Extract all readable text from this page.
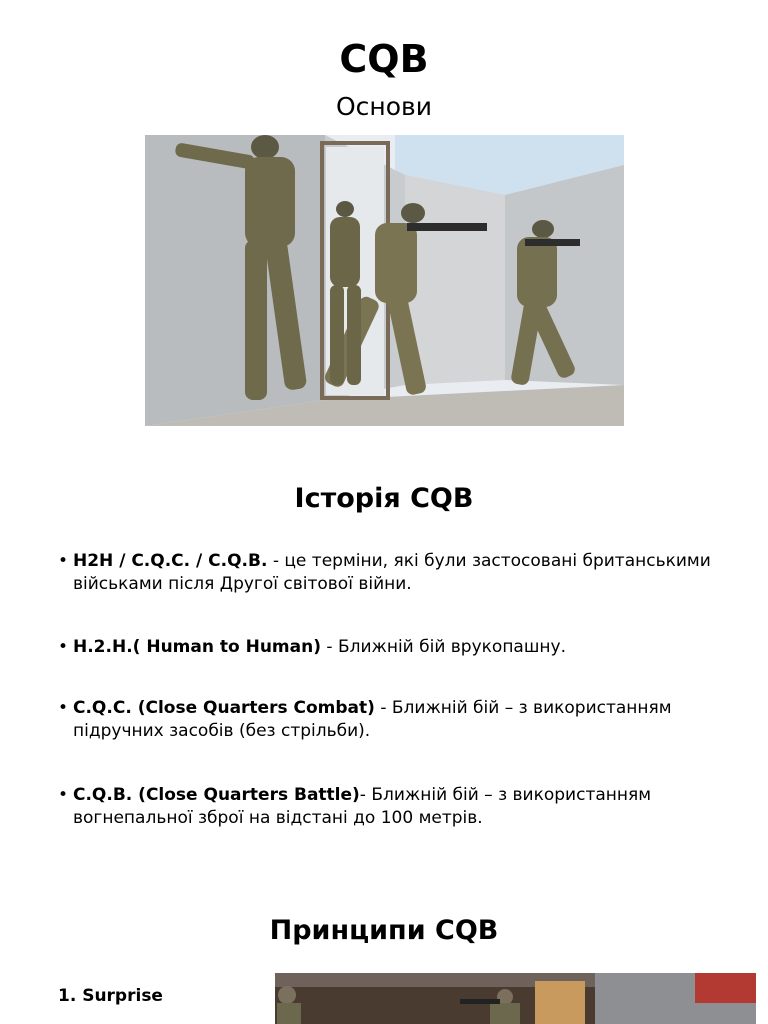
CQB
Основи
Історія CQB
• H2H / C.Q.C. / C.Q.B. - це терміни, які були застосовані британськими військами після Другої світової війни.
• H.2.H.( Human to Human) - Ближній бій врукопашну.
• C.Q.C. (Close Quarters Combat) - Ближній бій – з використанням підручних засобів (без стрільби).
• C.Q.B. (Close Quarters Battle)- Ближній бій – з використанням вогнепальної зброї на відстані до 100 метрів.
Принципи CQB
1. Surprise
